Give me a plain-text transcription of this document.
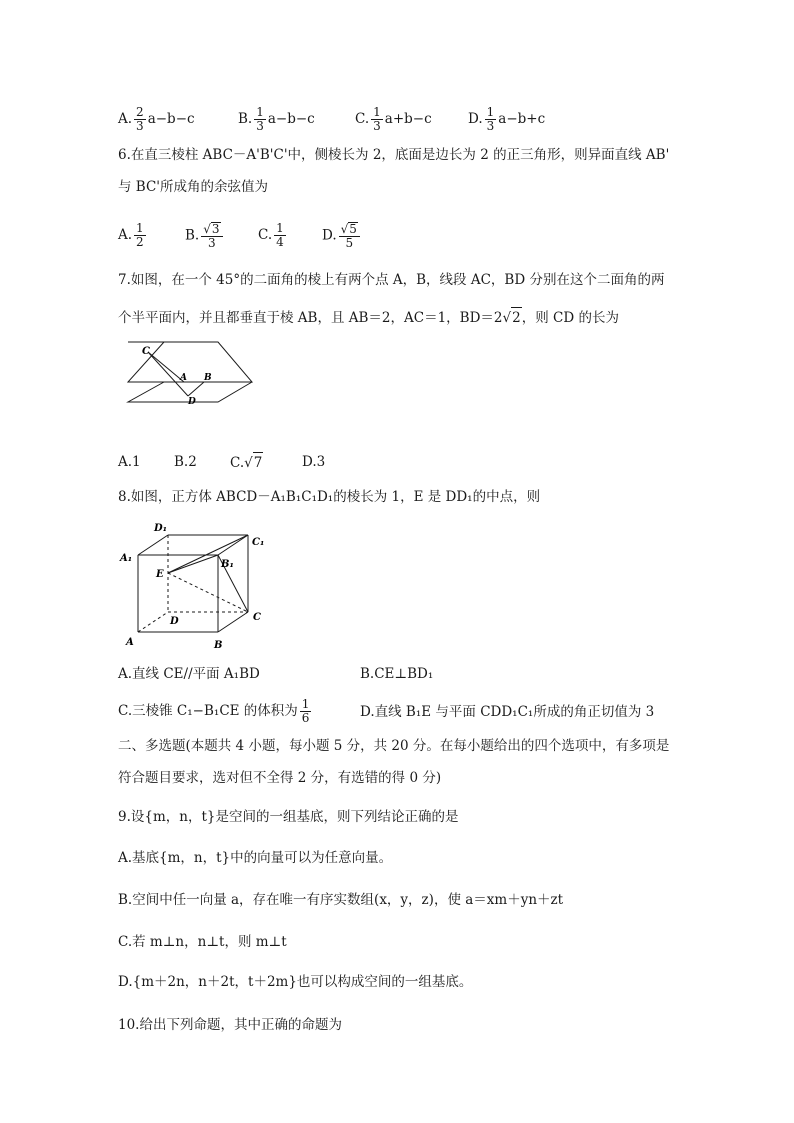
A. $\frac{2}{3} a-b-c$	B. $\frac{1}{3} a-b-c$	C. $\frac{1}{3} a+b-c$	D. $\frac{1}{3} a-b+c$
6.在直三棱柱 ABC－A'B'C'中，侧棱长为 2，底面是边长为 2 的正三角形，则异面直线 AB'
与 BC'所成角的余弦值为
A. $\frac{1}{2}$	B. $\frac{√3}{3}$	C. $\frac{1}{4}$	D. $\frac{√5}{5}$
7.如图，在一个 45°的二面角的棱上有两个点 A，B，线段 AC，BD 分别在这个二面角的两
个半平面内，并且都垂直于棱 AB，且 AB＝2，AC＝1，BD＝2√2，则 CD 的长为
C
A B
D
A.1 B.2 C.√7	D.3
8.如图，正方体 ABCD－A₁B₁C₁D₁的棱长为 1，E 是 DD₁的中点，则
D₁
C₁
A₁
B₁
E
D	C
A	B
A.直线 CE//平面 A₁BD	B.CE⊥BD₁
C.三棱锥 C₁−B₁CE 的体积为 $\frac{1}{6}$	D.直线 B₁E 与平面 CDD₁C₁所成的角正切值为 3
二、多选题(本题共 4 小题，每小题 5 分，共 20 分。在每小题给出的四个选项中，有多项是
符合题目要求，选对但不全得 2 分，有选错的得 0 分)
9.设{m，n，t}是空间的一组基底，则下列结论正确的是
A.基底{m，n，t}中的向量可以为任意向量。
B.空间中任一向量 a，存在唯一有序实数组(x，y，z)，使 a＝xm＋yn＋zt
C.若 m⊥n，n⊥t，则 m⊥t
D.{m＋2n，n＋2t，t＋2m}也可以构成空间的一组基底。
10.给出下列命题，其中正确的命题为
